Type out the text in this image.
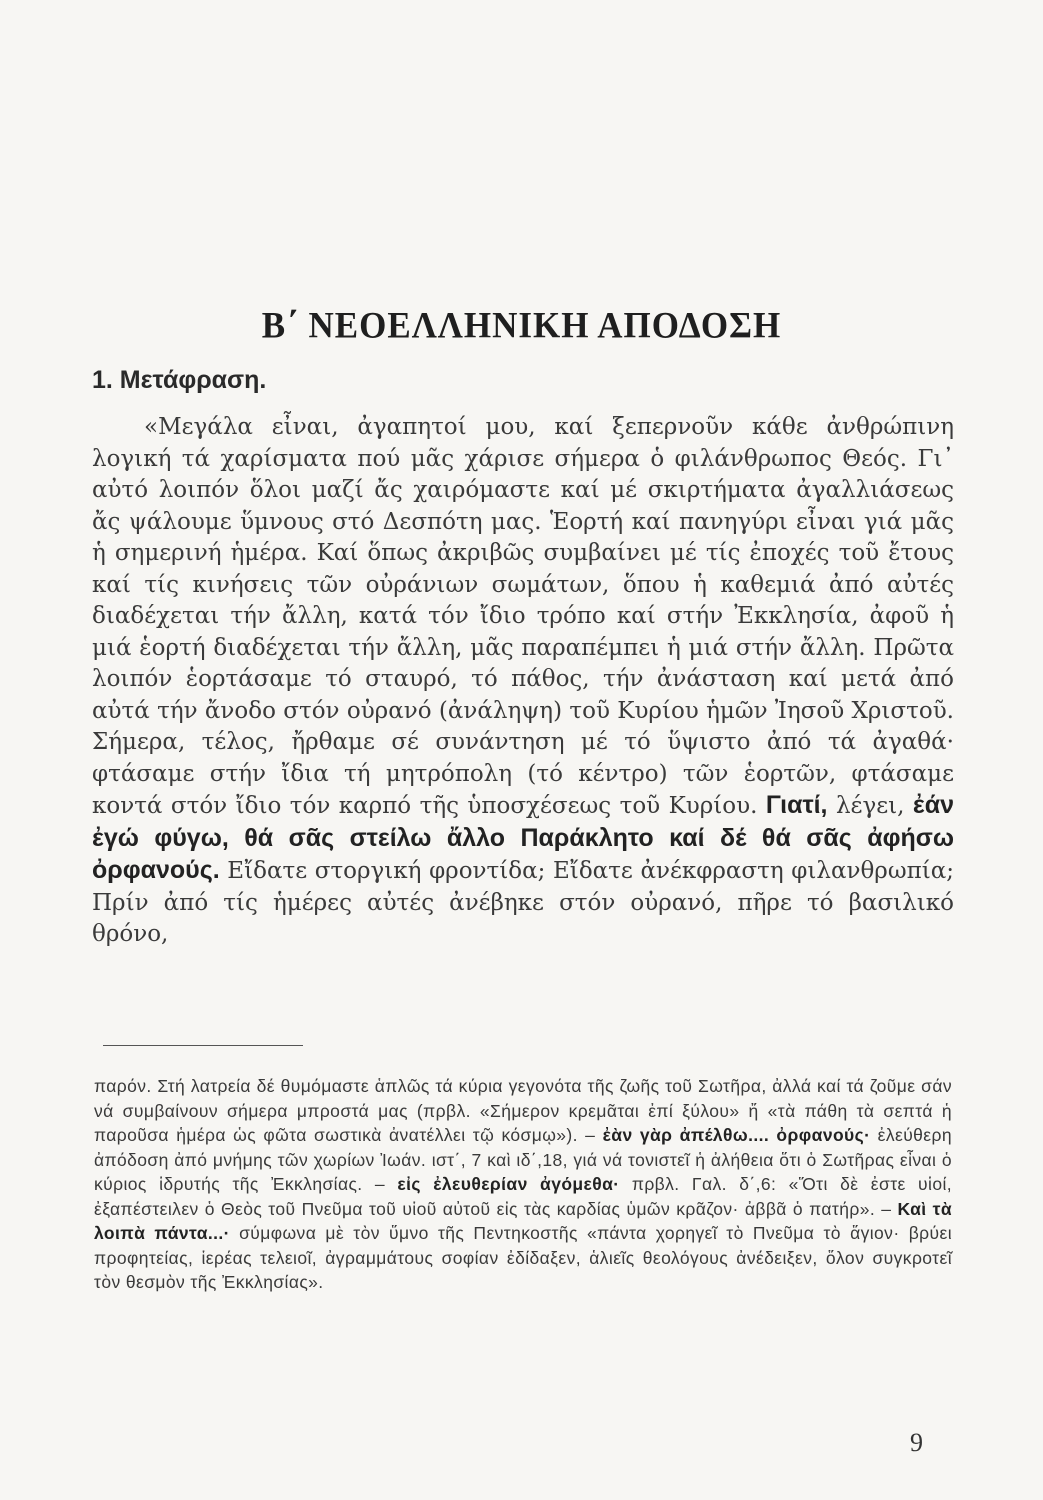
Β΄ ΝΕΟΕΛΛΗΝΙΚΗ ΑΠΟΔΟΣΗ
1. Μετάφραση.

«Μεγάλα εἶναι, ἀγαπητοί μου, καί ξεπερνοῦν κάθε ἀνθρώπινη λογική τά χαρίσματα πού μᾶς χάρισε σήμερα ὁ φιλάνθρωπος Θεός. Γι᾿ αὐτό λοιπόν ὅλοι μαζί ἄς χαιρόμαστε καί μέ σκιρτήματα ἀγαλλιάσεως ἄς ψάλουμε ὕμνους στό Δεσπότη μας. Ἑορτή καί πανηγύρι εἶναι γιά μᾶς ἡ σημερινή ἡμέρα. Καί ὅπως ἀκριβῶς συμβαίνει μέ τίς ἐποχές τοῦ ἔτους καί τίς κινήσεις τῶν οὐράνιων σωμάτων, ὅπου ἡ καθεμιά ἀπό αὐτές διαδέχεται τήν ἄλλη, κατά τόν ἴδιο τρόπο καί στήν Ἐκκλησία, ἀφοῦ ἡ μιά ἑορτή διαδέχεται τήν ἄλλη, μᾶς παραπέμπει ἡ μιά στήν ἄλλη. Πρῶτα λοιπόν ἑορτάσαμε τό σταυρό, τό πάθος, τήν ἀνάσταση καί μετά ἀπό αὐτά τήν ἄνοδο στόν οὐρανό (ἀνάληψη) τοῦ Κυρίου ἡμῶν Ἰησοῦ Χριστοῦ. Σήμερα, τέλος, ἤρθαμε σέ συνάντηση μέ τό ὕψιστο ἀπό τά ἀγαθά· φτάσαμε στήν ἴδια τή μητρόπολη (τό κέντρο) τῶν ἑορτῶν, φτάσαμε κοντά στόν ἴδιο τόν καρπό τῆς ὑποσχέσεως τοῦ Κυρίου. Γιατί, λέγει, ἐάν ἐγώ φύγω, θά σᾶς στείλω ἄλλο Παράκλητο καί δέ θά σᾶς ἀφήσω ὀρφανούς. Εἴδατε στοργική φροντίδα; Εἴδατε ἀνέκφραστη φιλανθρωπία; Πρίν ἀπό τίς ἡμέρες αὐτές ἀνέβηκε στόν οὐρανό, πῆρε τό βασιλικό θρόνο,

παρόν. Στή λατρεία δέ θυμόμαστε ἁπλῶς τά κύρια γεγονότα τῆς ζωῆς τοῦ Σωτῆρα, ἀλλά καί τά ζοῦμε σάν νά συμβαίνουν σήμερα μπροστά μας (πρβλ. «Σήμερον κρεμᾶται ἐπί ξύλου» ἤ «τὰ πάθη τὰ σεπτά ἡ παροῦσα ἡμέρα ὡς φῶτα σωστικὰ ἀνατέλλει τῷ κόσμῳ»). – ἐὰν γὰρ ἀπέλθω.... ὀρφανούς· ἐλεύθερη ἀπόδοση ἀπό μνήμης τῶν χωρίων Ἰωάν. ιστ΄, 7 καὶ ιδ΄,18, γιά νά τονιστεῖ ἡ ἀλήθεια ὅτι ὁ Σωτῆρας εἶναι ὁ κύριος ἱδρυτής τῆς Ἐκκλησίας. – εἰς ἐλευθερίαν ἀγόμεθα· πρβλ. Γαλ. δ΄,6: «Ὅτι δὲ ἐστε υἱοί, ἐξαπέστειλεν ὁ Θεὸς τοῦ Πνεῦμα τοῦ υἱοῦ αὐτοῦ εἰς τὰς καρδίας ὑμῶν κρᾶζον· ἀββᾶ ὁ πατήρ». – Καὶ τὰ λοιπὰ πάντα...· σύμφωνα μὲ τὸν ὕμνο τῆς Πεντηκοστῆς «πάντα χορηγεῖ τὸ Πνεῦμα τὸ ἅγιον· βρύει προφητείας, ἱερέας τελειοῖ, ἀγραμμάτους σοφίαν ἐδίδαξεν, ἁλιεῖς θεολόγους ἀνέδειξεν, ὅλον συγκροτεῖ τὸν θεσμὸν τῆς Ἐκκλησίας».

9
